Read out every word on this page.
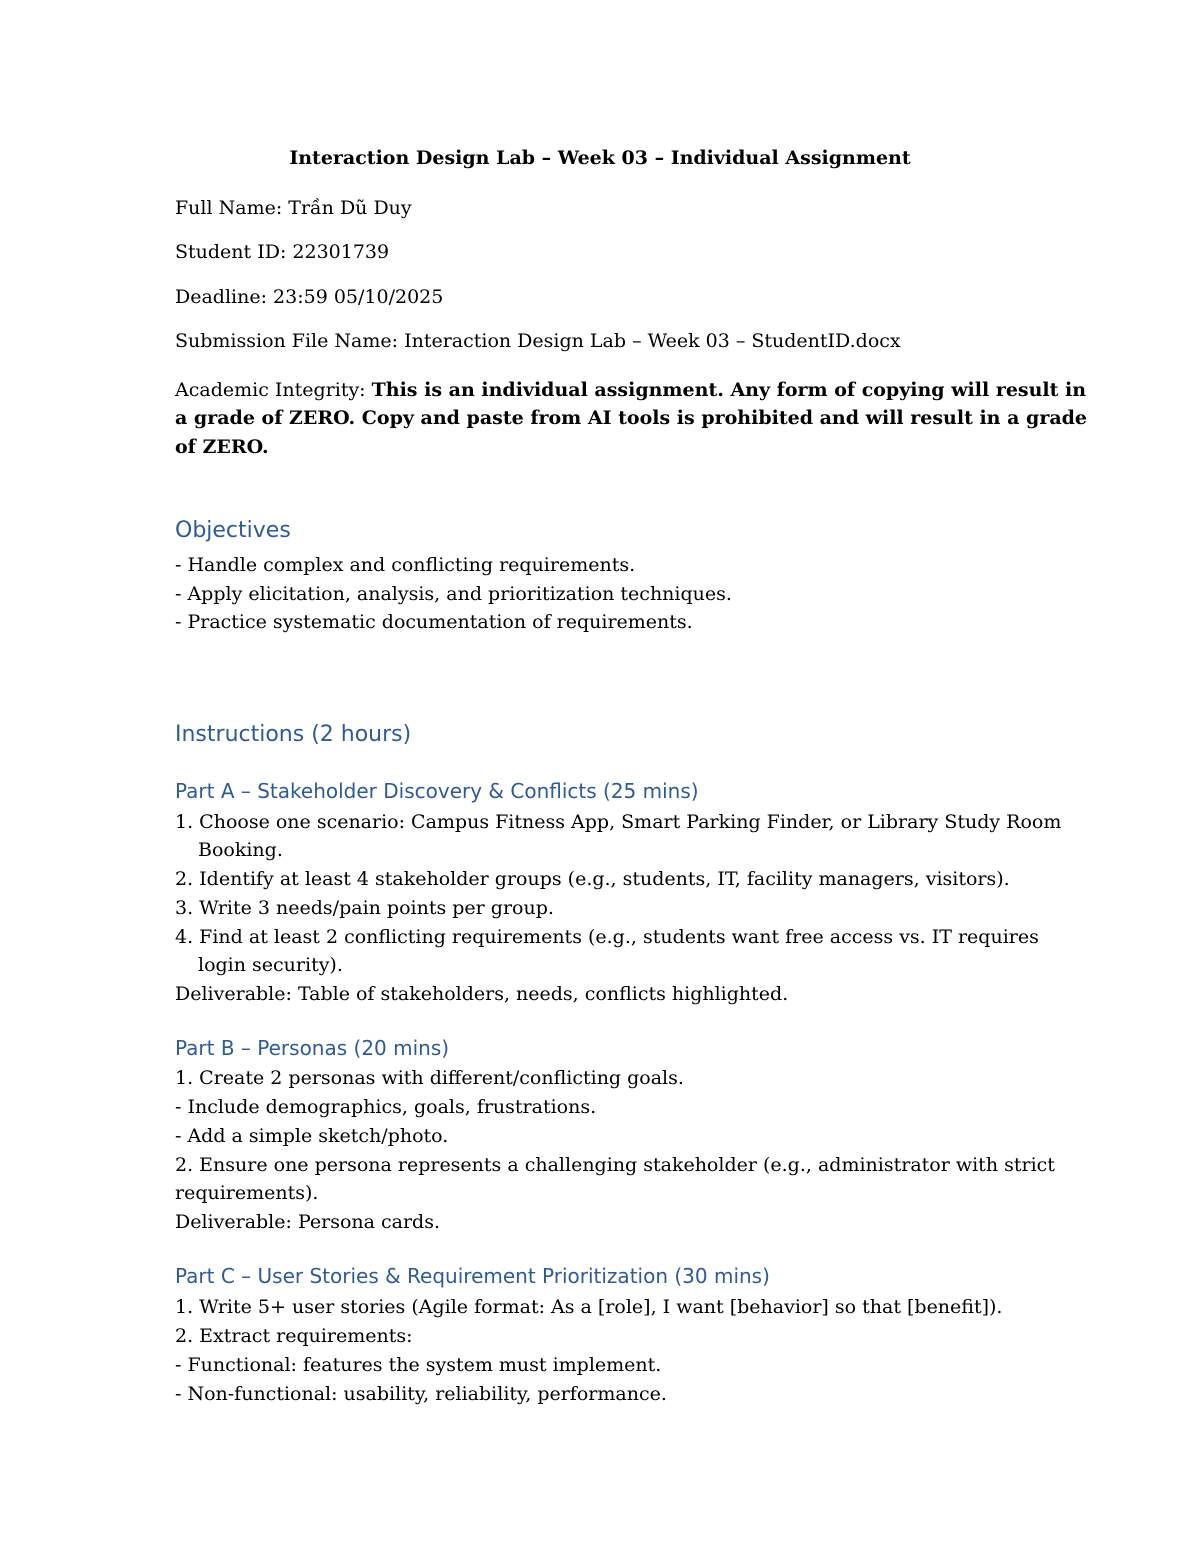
Interaction Design Lab – Week 03 – Individual Assignment
Full Name: Trần Dũ Duy
Student ID: 22301739
Deadline: 23:59 05/10/2025
Submission File Name: Interaction Design Lab – Week 03 – StudentID.docx
Academic Integrity: This is an individual assignment. Any form of copying will result in
a grade of ZERO. Copy and paste from AI tools is prohibited and will result in a grade
of ZERO.
Objectives
- Handle complex and conflicting requirements.
- Apply elicitation, analysis, and prioritization techniques.
- Practice systematic documentation of requirements.
Instructions (2 hours)
Part A – Stakeholder Discovery & Conflicts (25 mins)
1. Choose one scenario: Campus Fitness App, Smart Parking Finder, or Library Study Room
Booking.
2. Identify at least 4 stakeholder groups (e.g., students, IT, facility managers, visitors).
3. Write 3 needs/pain points per group.
4. Find at least 2 conflicting requirements (e.g., students want free access vs. IT requires
login security).
Deliverable: Table of stakeholders, needs, conflicts highlighted.
Part B – Personas (20 mins)
1. Create 2 personas with different/conflicting goals.
- Include demographics, goals, frustrations.
- Add a simple sketch/photo.
2. Ensure one persona represents a challenging stakeholder (e.g., administrator with strict
requirements).
Deliverable: Persona cards.
Part C – User Stories & Requirement Prioritization (30 mins)
1. Write 5+ user stories (Agile format: As a [role], I want [behavior] so that [benefit]).
2. Extract requirements:
- Functional: features the system must implement.
- Non-functional: usability, reliability, performance.
